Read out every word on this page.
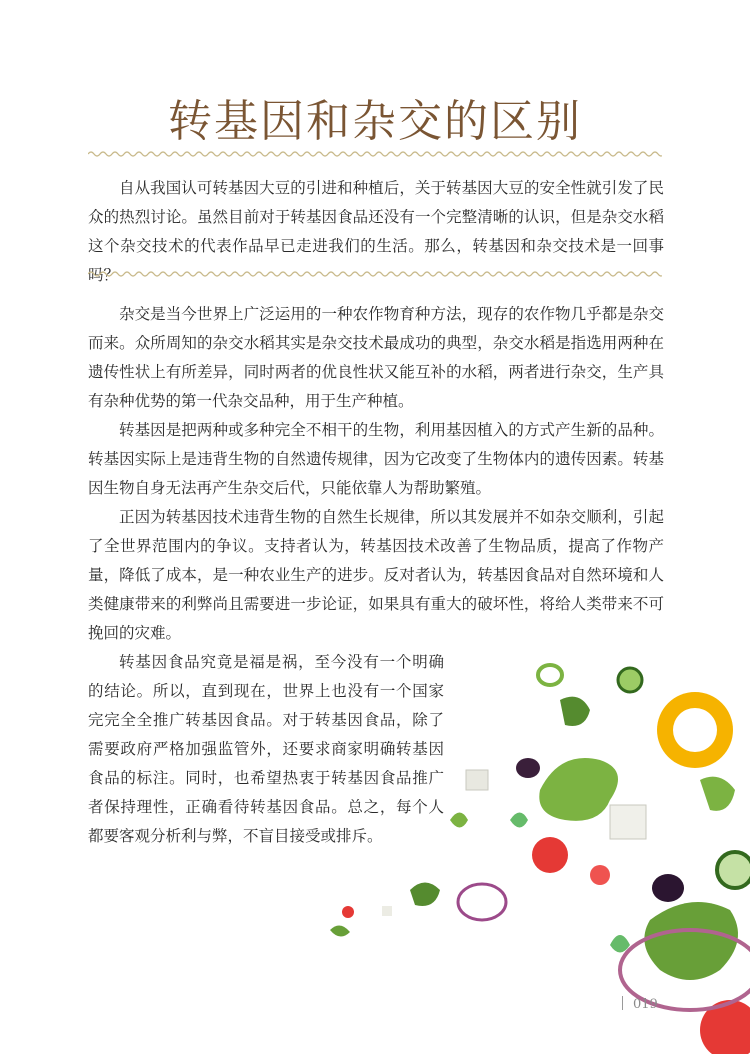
转基因和杂交的区别

自从我国认可转基因大豆的引进和种植后，关于转基因大豆的安全性就引发了民众的热烈讨论。虽然目前对于转基因食品还没有一个完整清晰的认识，但是杂交水稻这个杂交技术的代表作品早已走进我们的生活。那么，转基因和杂交技术是一回事吗？

杂交是当今世界上广泛运用的一种农作物育种方法，现存的农作物几乎都是杂交而来。众所周知的杂交水稻其实是杂交技术最成功的典型，杂交水稻是指选用两种在遗传性状上有所差异，同时两者的优良性状又能互补的水稻，两者进行杂交，生产具有杂种优势的第一代杂交品种，用于生产种植。

转基因是把两种或多种完全不相干的生物，利用基因植入的方式产生新的品种。转基因实际上是违背生物的自然遗传规律，因为它改变了生物体内的遗传因素。转基因生物自身无法再产生杂交后代，只能依靠人为帮助繁殖。

正因为转基因技术违背生物的自然生长规律，所以其发展并不如杂交顺利，引起了全世界范围内的争议。支持者认为，转基因技术改善了生物品质，提高了作物产量，降低了成本，是一种农业生产的进步。反对者认为，转基因食品对自然环境和人类健康带来的利弊尚且需要进一步论证，如果具有重大的破坏性，将给人类带来不可挽回的灾难。

转基因食品究竟是福是祸，至今没有一个明确的结论。所以，直到现在，世界上也没有一个国家完完全全推广转基因食品。对于转基因食品，除了需要政府严格加强监管外，还要求商家明确转基因食品的标注。同时，也希望热衷于转基因食品推广者保持理性，正确看待转基因食品。总之，每个人都要客观分析利与弊，不盲目接受或排斥。

019
